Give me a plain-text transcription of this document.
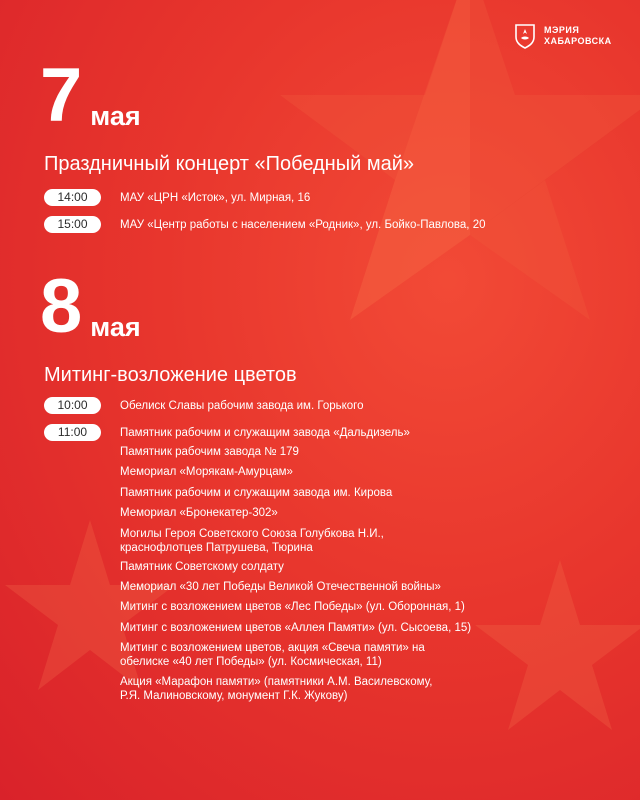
МЭРИЯ
ХАБАРОВСКА
7 мая
Праздничный концерт «Победный май»
14:00	МАУ «ЦРН «Исток», ул. Мирная, 16
15:00	МАУ «Центр работы с населением «Родник», ул. Бойко-Павлова, 20
8 мая
Митинг-возложение цветов
10:00
11:00
Обелиск Славы рабочим завода им. Горького
Памятник рабочим и служащим завода «Дальдизель»
Памятник рабочим завода № 179
Мемориал «Морякам-Амурцам»
Памятник рабочим и служащим завода им. Кирова
Мемориал «Бронекатер-302»
Могилы Героя Советского Союза Голубкова Н.И.,
краснофлотцев Патрушева, Тюрина
Памятник Советскому солдату
Мемориал «30 лет Победы Великой Отечественной войны»
Митинг с возложением цветов «Лес Победы» (ул. Оборонная, 1)
Митинг с возложением цветов «Аллея Памяти» (ул. Сысоева, 15)
Митинг с возложением цветов, акция «Свеча памяти» на
обелиске «40 лет Победы» (ул. Космическая, 11)
Акция «Марафон памяти» (памятники А.М. Василевскому,
Р.Я. Малиновскому, монумент Г.К. Жукову)
